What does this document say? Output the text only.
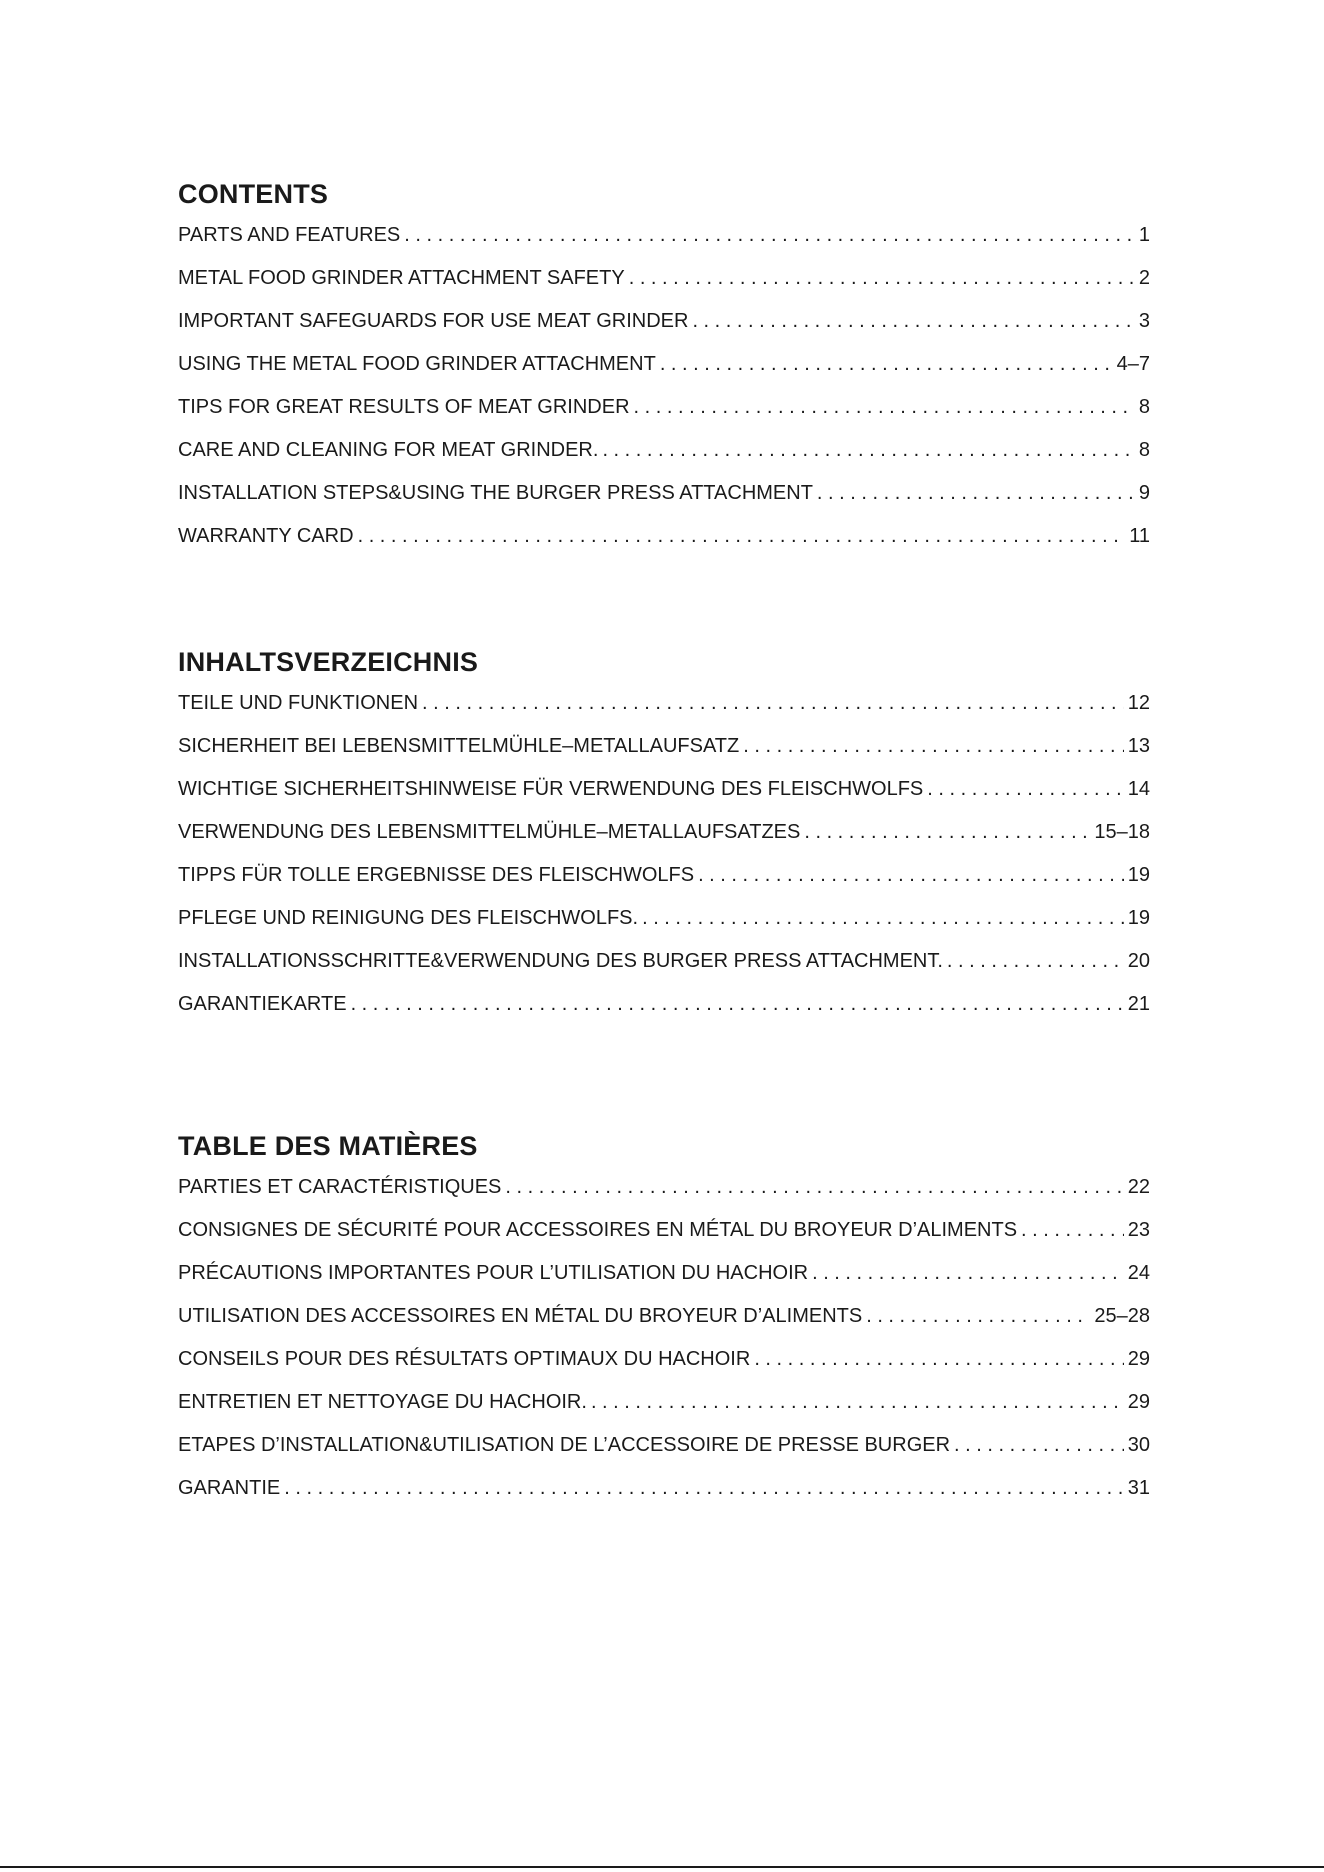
CONTENTS
PARTS AND FEATURES . . .	1
METAL FOOD GRINDER ATTACHMENT SAFETY . . .	2
IMPORTANT SAFEGUARDS FOR USE MEAT GRINDER . . .	3
USING THE METAL FOOD GRINDER ATTACHMENT . . .	4–7
TIPS FOR GREAT RESULTS OF MEAT GRINDER . . .	8
CARE AND CLEANING FOR MEAT GRINDER. . . .	8
INSTALLATION STEPS&USING THE BURGER PRESS ATTACHMENT . . .	9
WARRANTY CARD . . .	11
INHALTSVERZEICHNIS
TEILE UND FUNKTIONEN . . .	12
SICHERHEIT BEI LEBENSMITTELMÜHLE–METALLAUFSATZ . . .	13
WICHTIGE SICHERHEITSHINWEISE FÜR VERWENDUNG DES FLEISCHWOLFS . . .	14
VERWENDUNG DES LEBENSMITTELMÜHLE–METALLAUFSATZES . . .	15–18
TIPPS FÜR TOLLE ERGEBNISSE DES FLEISCHWOLFS . . .	19
PFLEGE UND REINIGUNG DES FLEISCHWOLFS. . . .	19
INSTALLATIONSSCHRITTE&VERWENDUNG DES BURGER PRESS ATTACHMENT. . . .	20
GARANTIEKARTE . . .	21
TABLE DES MATIÈRES
PARTIES ET CARACTÉRISTIQUES . . .	22
CONSIGNES DE SÉCURITÉ POUR ACCESSOIRES EN MÉTAL DU BROYEUR D’ALIMENTS . . .	23
PRÉCAUTIONS IMPORTANTES POUR L’UTILISATION DU HACHOIR . . .	24
UTILISATION DES ACCESSOIRES EN MÉTAL DU BROYEUR D’ALIMENTS . . .	25–28
CONSEILS POUR DES RÉSULTATS OPTIMAUX DU HACHOIR . . .	29
ENTRETIEN ET NETTOYAGE DU HACHOIR. . . .	29
ETAPES D’INSTALLATION&UTILISATION DE L’ACCESSOIRE DE PRESSE BURGER . . .	30
GARANTIE . . .	31
